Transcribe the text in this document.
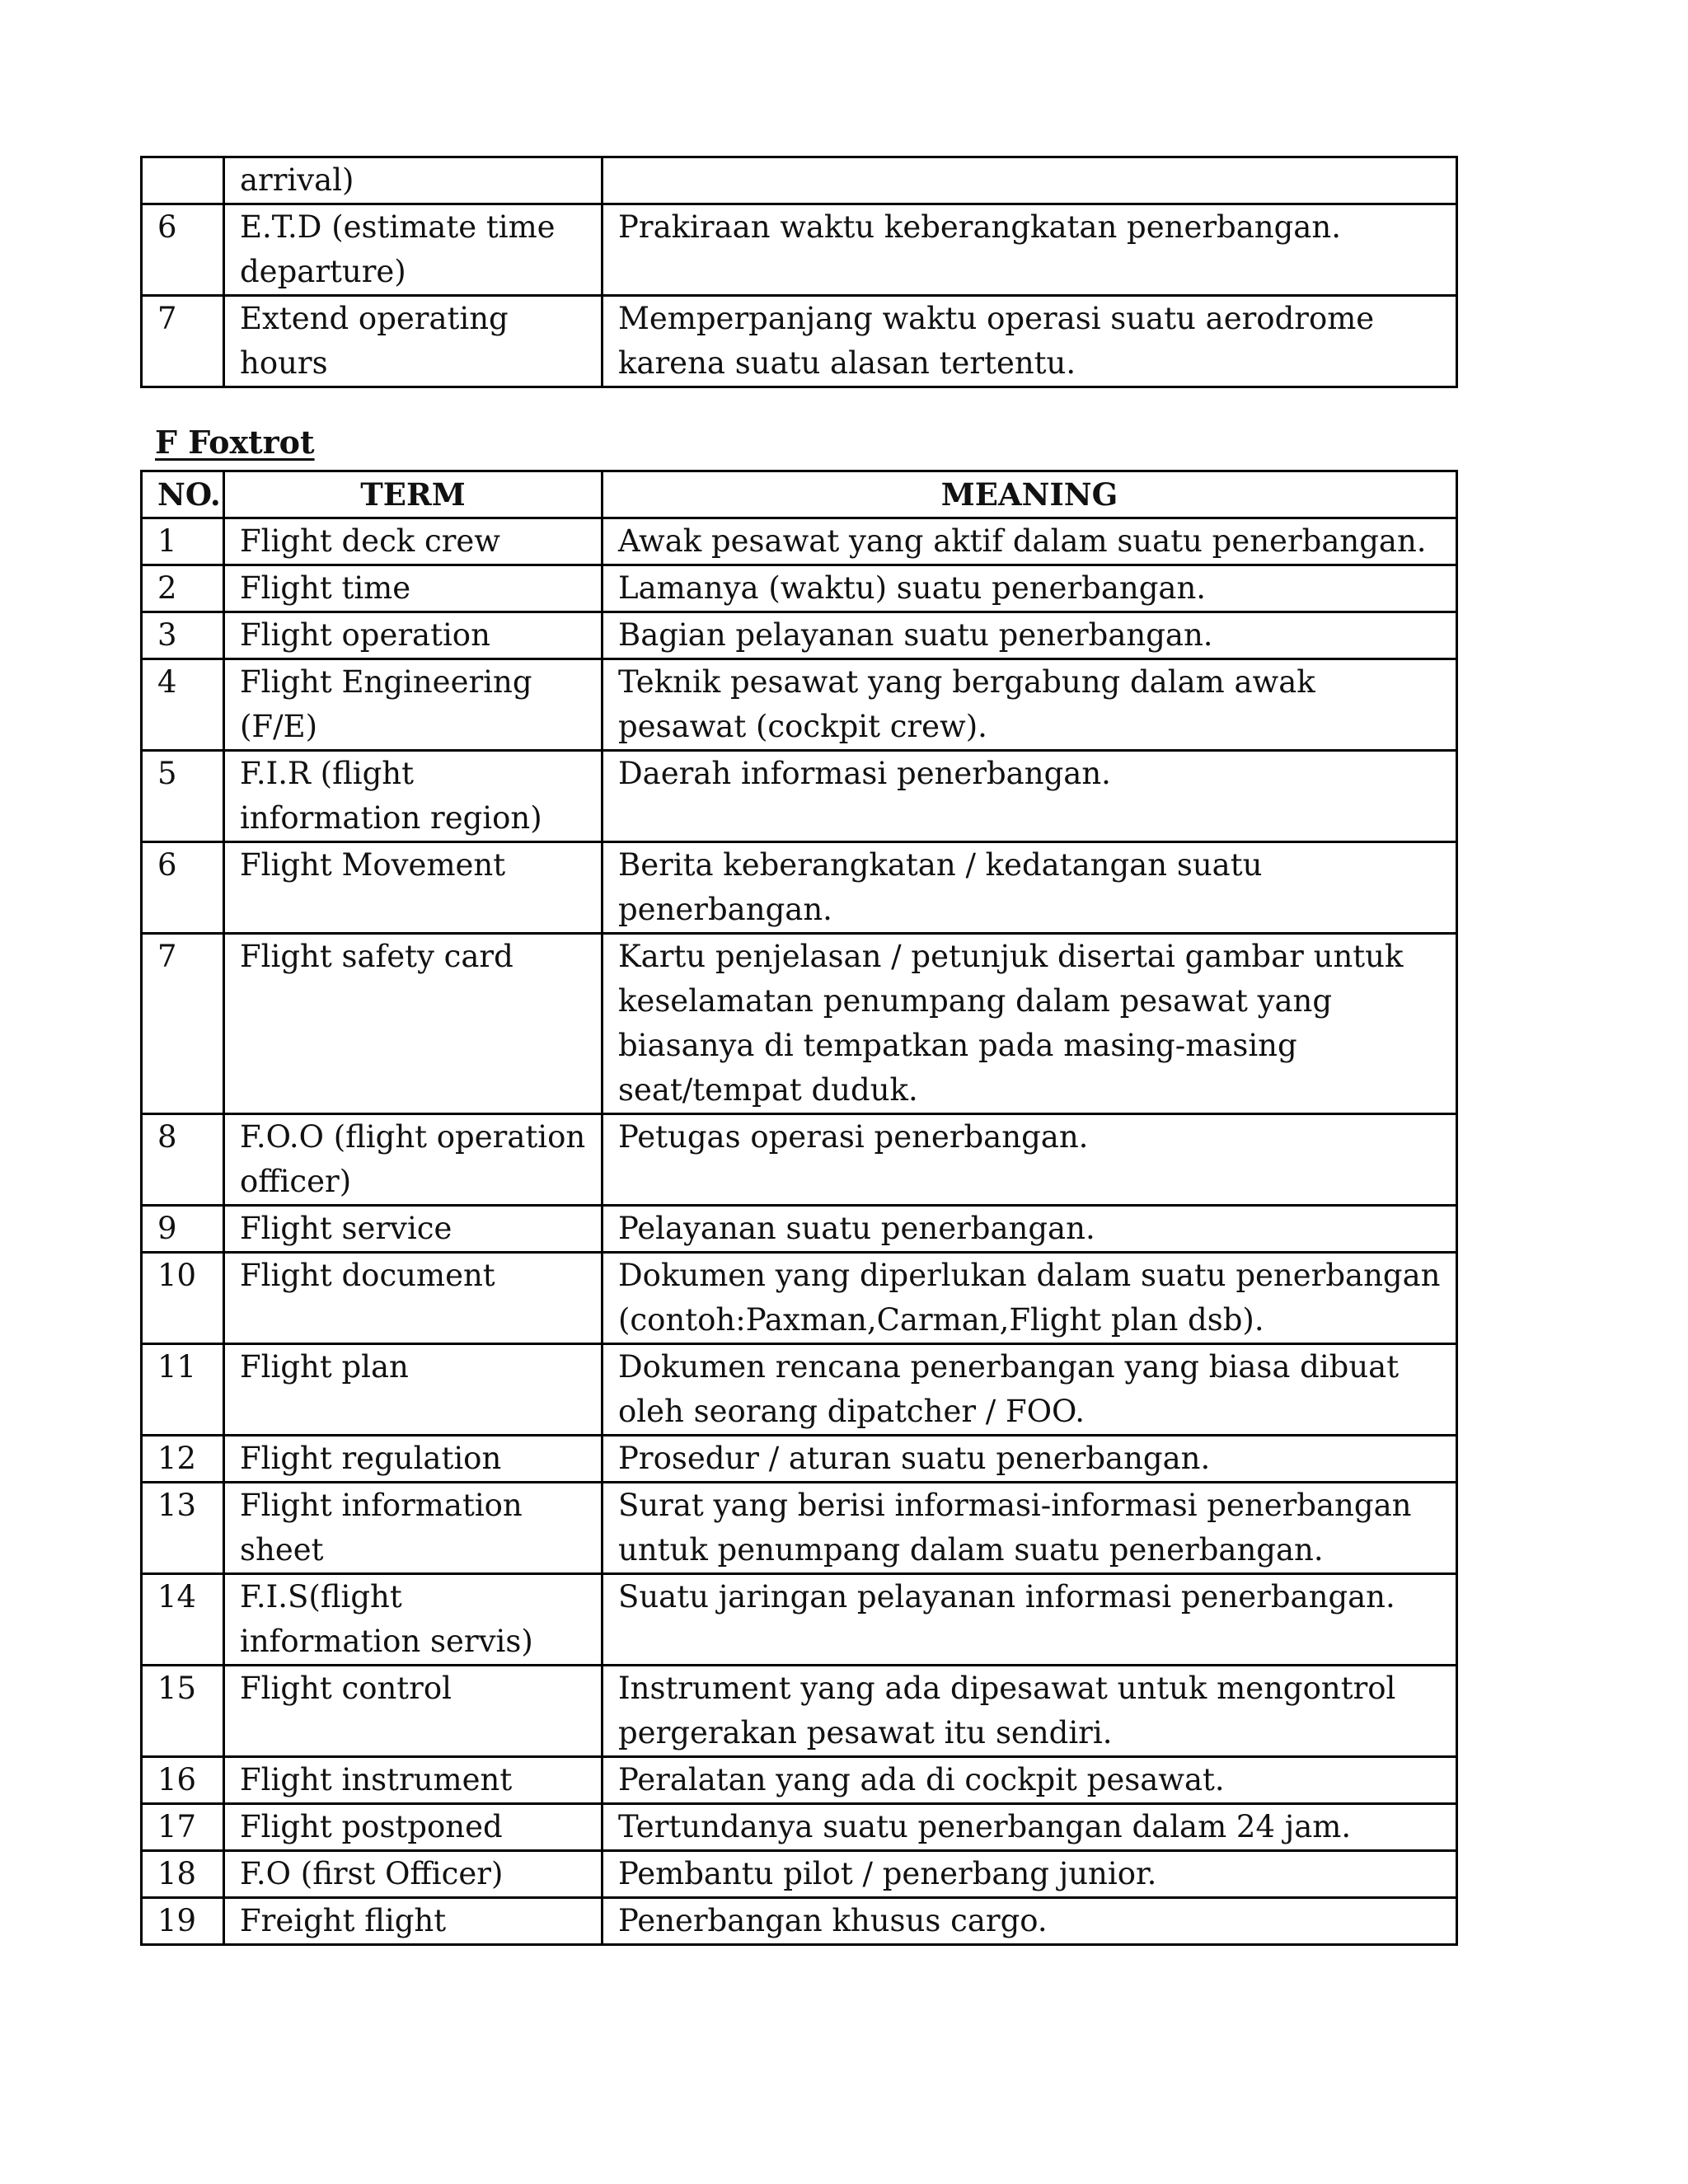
	arrival)	
6	E.T.D (estimate time departure)	Prakiraan waktu keberangkatan penerbangan.
7	Extend operating hours	Memperpanjang waktu operasi suatu aerodrome karena suatu alasan tertentu.
F Foxtrot
NO.	TERM	MEANING
1	Flight deck crew	Awak pesawat yang aktif dalam suatu penerbangan.
2	Flight time	Lamanya (waktu) suatu penerbangan.
3	Flight operation	Bagian pelayanan suatu penerbangan.
4	Flight Engineering (F/E)	Teknik pesawat yang bergabung dalam awak pesawat (cockpit crew).
5	F.I.R (flight information region)	Daerah informasi penerbangan.
6	Flight Movement	Berita keberangkatan / kedatangan suatu penerbangan.
7	Flight safety card	Kartu penjelasan / petunjuk disertai gambar untuk keselamatan penumpang dalam pesawat yang biasanya di tempatkan pada masing-masing seat/tempat duduk.
8	F.O.O (flight operation officer)	Petugas operasi penerbangan.
9	Flight service	Pelayanan suatu penerbangan.
10	Flight document	Dokumen yang diperlukan dalam suatu penerbangan (contoh:Paxman,Carman,Flight plan dsb).
11	Flight plan	Dokumen rencana penerbangan yang biasa dibuat oleh seorang dipatcher / FOO.
12	Flight regulation	Prosedur / aturan suatu penerbangan.
13	Flight information sheet	Surat yang berisi informasi-informasi penerbangan untuk penumpang dalam suatu penerbangan.
14	F.I.S(flight information servis)	Suatu jaringan pelayanan informasi penerbangan.
15	Flight control	Instrument yang ada dipesawat untuk mengontrol pergerakan pesawat itu sendiri.
16	Flight instrument	Peralatan yang ada di cockpit pesawat.
17	Flight postponed	Tertundanya suatu penerbangan dalam 24 jam.
18	F.O (first Officer)	Pembantu pilot / penerbang junior.
19	Freight flight	Penerbangan khusus cargo.
